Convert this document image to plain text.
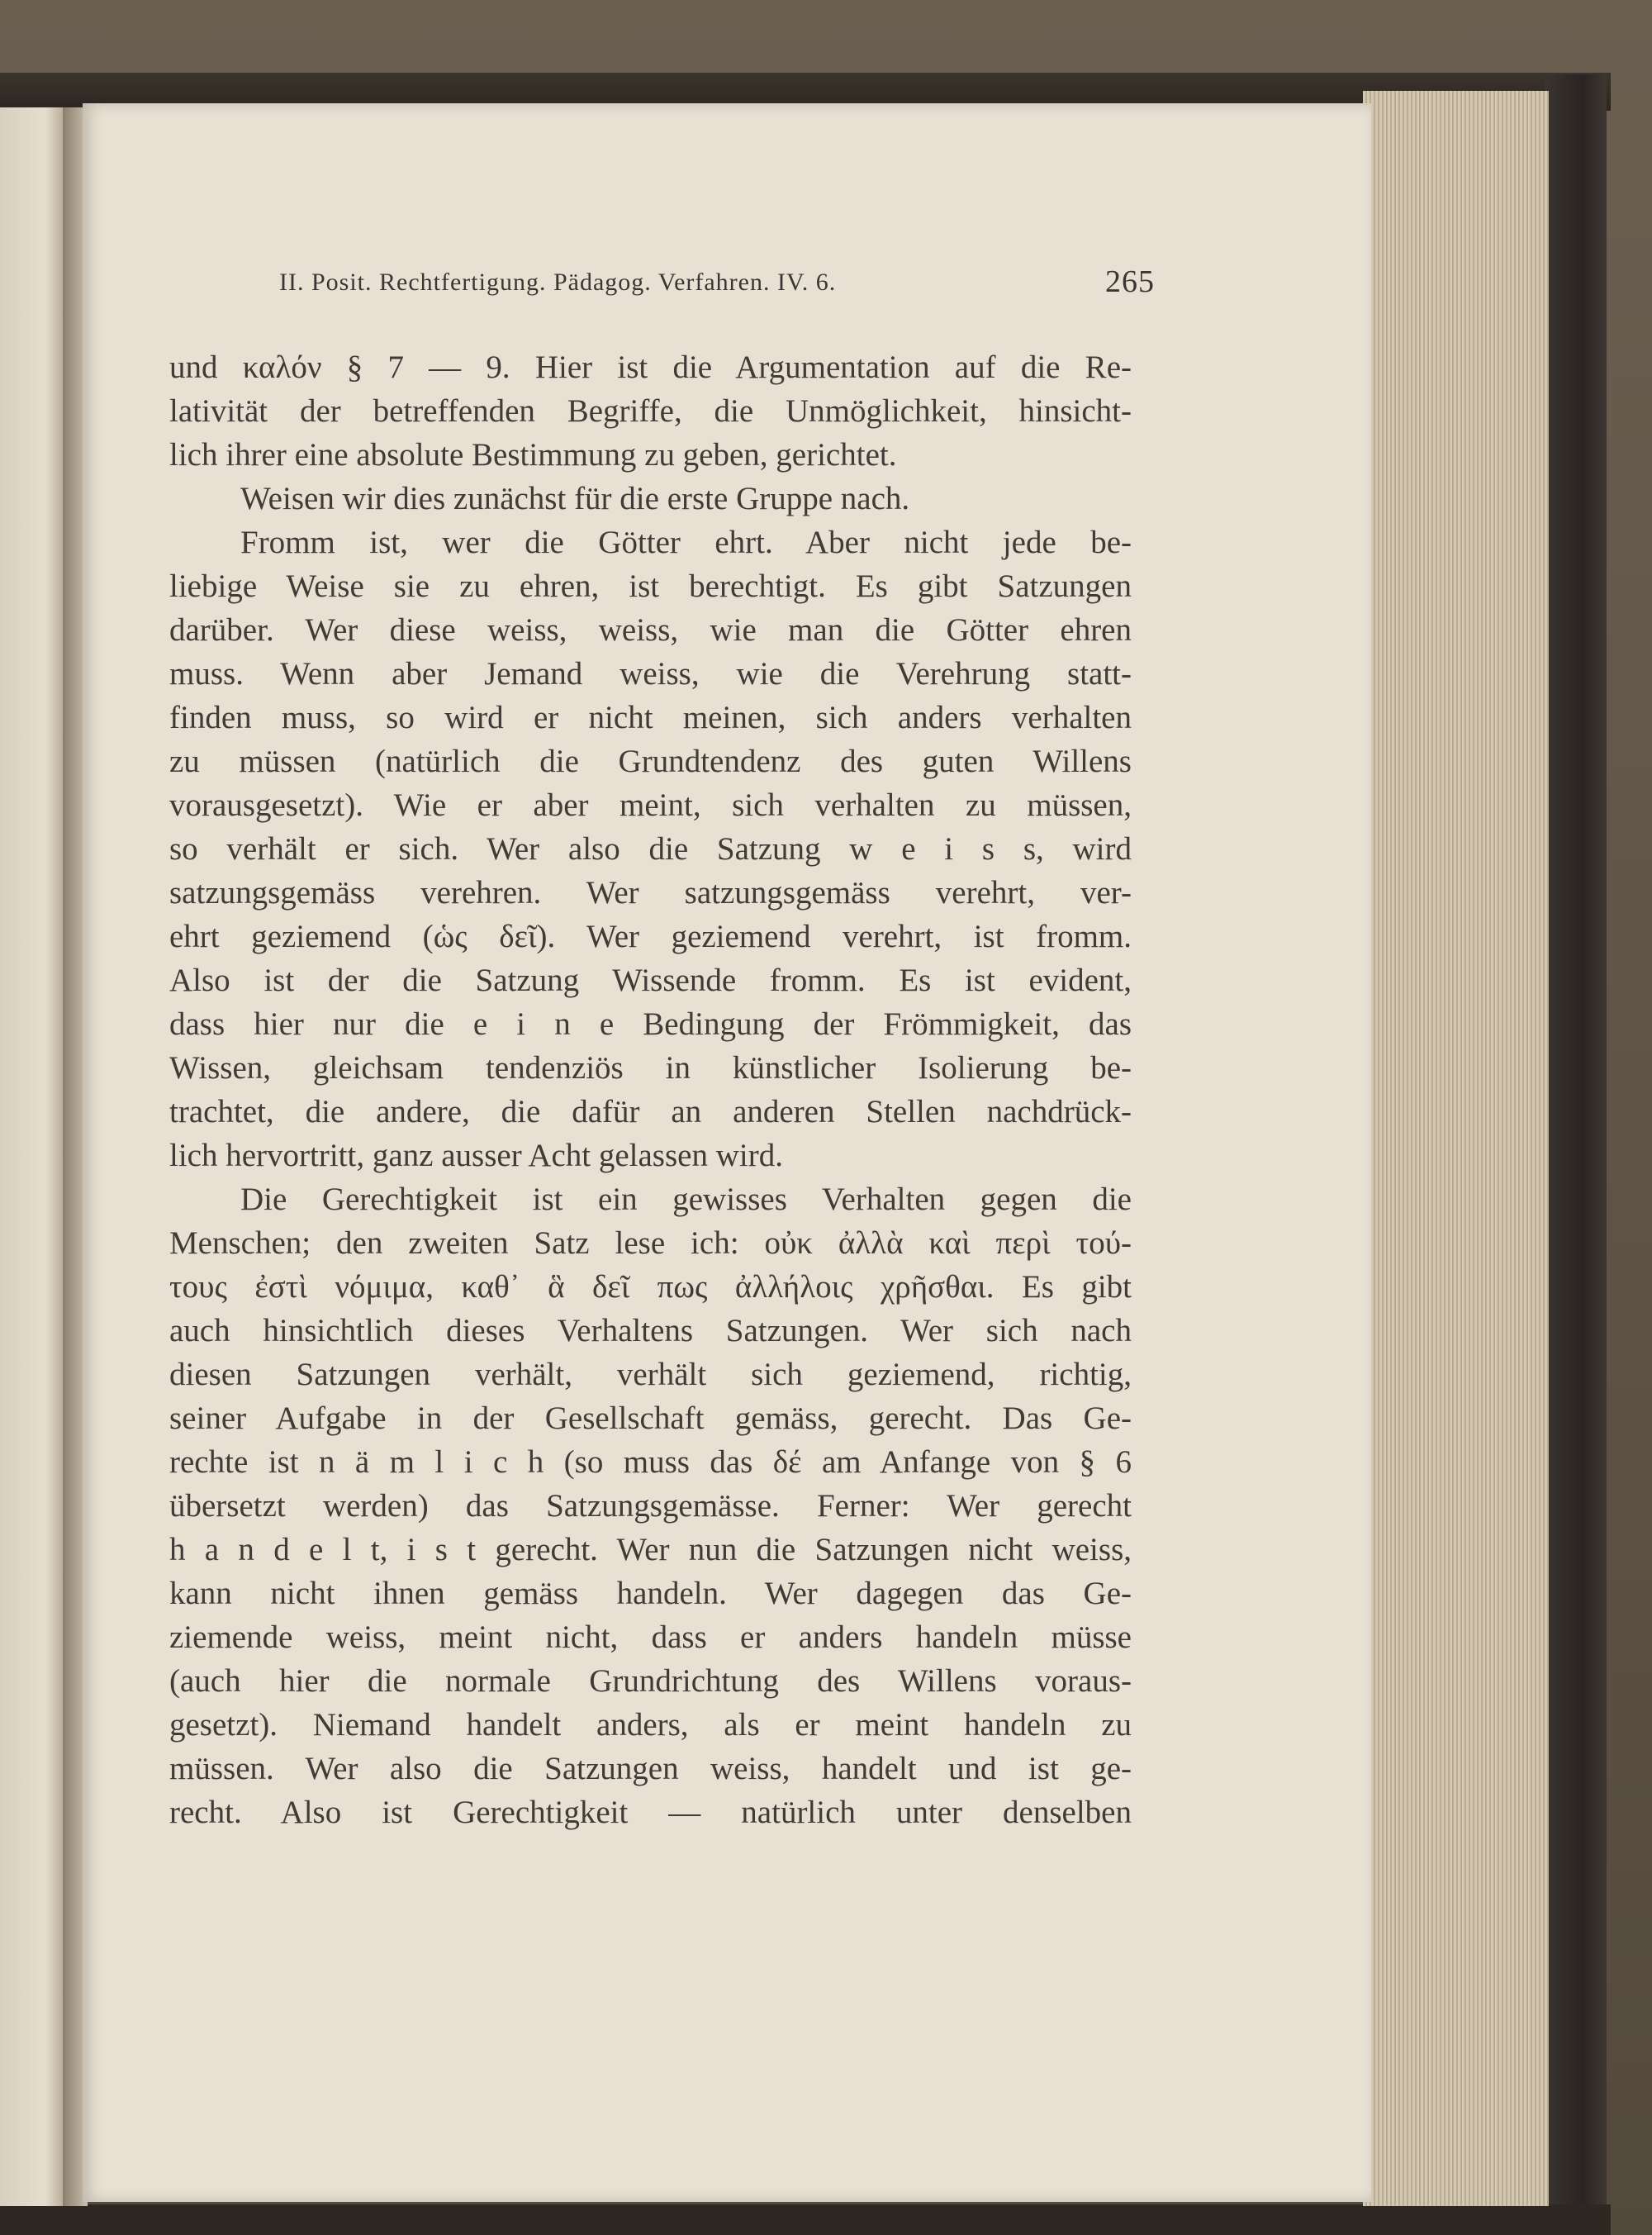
II. Posit. Rechtfertigung. Pädagog. Verfahren. IV. 6.	265
und καλόν § 7 — 9. Hier ist die Argumentation auf die Re-
lativität der betreffenden Begriffe, die Unmöglichkeit, hinsicht-
lich ihrer eine absolute Bestimmung zu geben, gerichtet.
Weisen wir dies zunächst für die erste Gruppe nach.
Fromm ist, wer die Götter ehrt. Aber nicht jede be-
liebige Weise sie zu ehren, ist berechtigt. Es gibt Satzungen
darüber. Wer diese weiss, weiss, wie man die Götter ehren
muss. Wenn aber Jemand weiss, wie die Verehrung statt-
finden muss, so wird er nicht meinen, sich anders verhalten
zu müssen (natürlich die Grundtendenz des guten Willens
vorausgesetzt). Wie er aber meint, sich verhalten zu müssen,
so verhält er sich. Wer also die Satzung w e i s s, wird
satzungsgemäss verehren. Wer satzungsgemäss verehrt, ver-
ehrt geziemend (ὡς δεῖ). Wer geziemend verehrt, ist fromm.
Also ist der die Satzung Wissende fromm. Es ist evident,
dass hier nur die e i n e Bedingung der Frömmigkeit, das
Wissen, gleichsam tendenziös in künstlicher Isolierung be-
trachtet, die andere, die dafür an anderen Stellen nachdrück-
lich hervortritt, ganz ausser Acht gelassen wird.
Die Gerechtigkeit ist ein gewisses Verhalten gegen die
Menschen; den zweiten Satz lese ich: οὐκ ἀλλὰ καὶ περὶ τού-
τους ἐστὶ νόμιμα, καθ᾽ ἃ δεῖ πως ἀλλήλοις χρῆσθαι. Es gibt
auch hinsichtlich dieses Verhaltens Satzungen. Wer sich nach
diesen Satzungen verhält, verhält sich geziemend, richtig,
seiner Aufgabe in der Gesellschaft gemäss, gerecht. Das Ge-
rechte ist n ä m l i c h (so muss das δέ am Anfange von § 6
übersetzt werden) das Satzungsgemässe. Ferner: Wer gerecht
h a n d e l t, i s t gerecht. Wer nun die Satzungen nicht weiss,
kann nicht ihnen gemäss handeln. Wer dagegen das Ge-
ziemende weiss, meint nicht, dass er anders handeln müsse
(auch hier die normale Grundrichtung des Willens voraus-
gesetzt). Niemand handelt anders, als er meint handeln zu
müssen. Wer also die Satzungen weiss, handelt und ist ge-
recht. Also ist Gerechtigkeit — natürlich unter denselben
